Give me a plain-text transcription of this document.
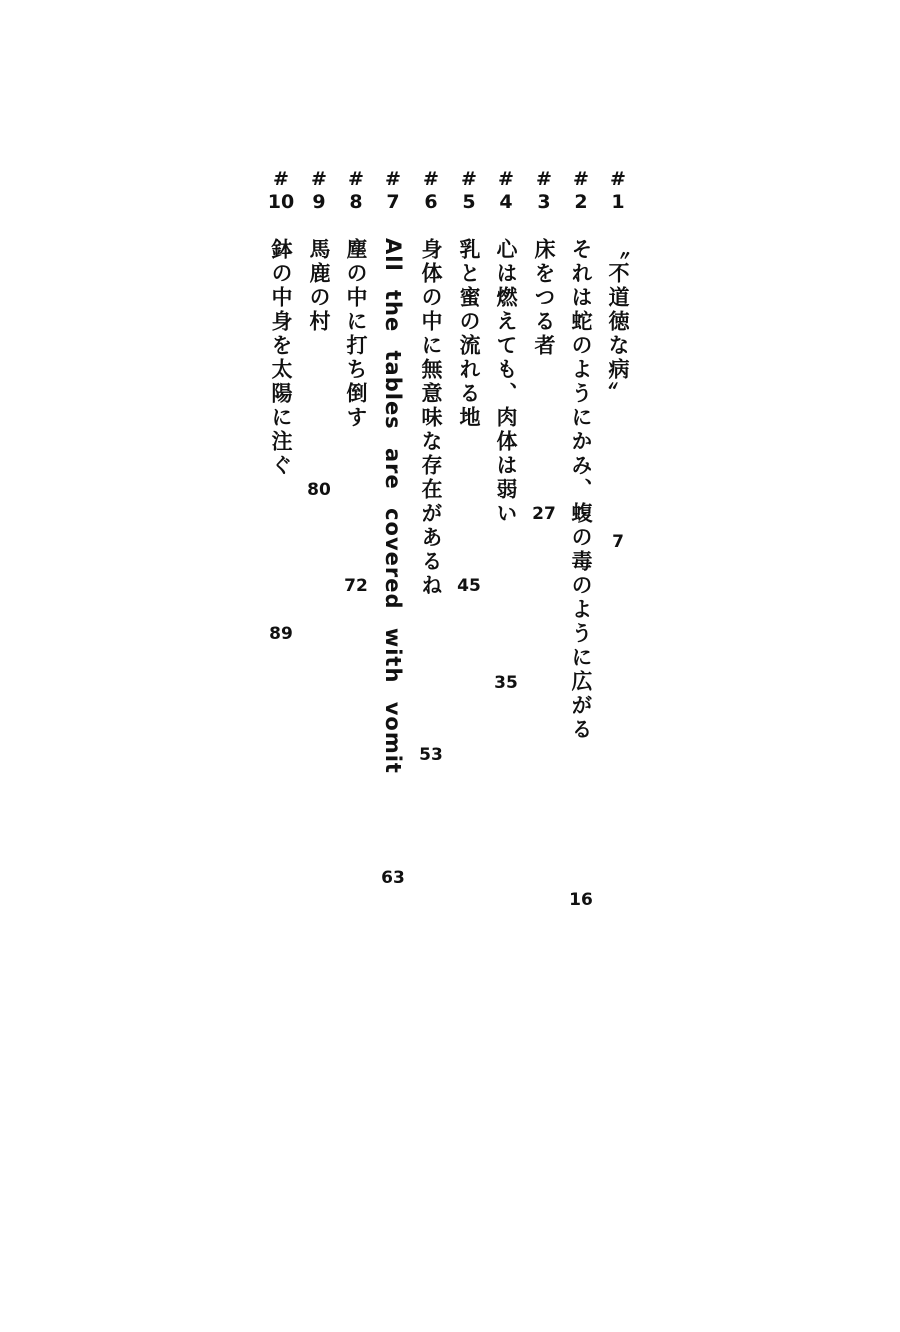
#
1
〝不道徳な病〟
7
#
2
それは蛇のようにかみ、蝮の毒のように広がる
16
#
3
床をつる者
27
#
4
心は燃えても、肉体は弱い
35
#
5
乳と蜜の流れる地
45
#
6
身体の中に無意味な存在があるね
53
#
7
All the tables are covered with vomit
63
#
8
塵の中に打ち倒す
72
#
9
馬鹿の村
80
#
10
鉢の中身を太陽に注ぐ
89
